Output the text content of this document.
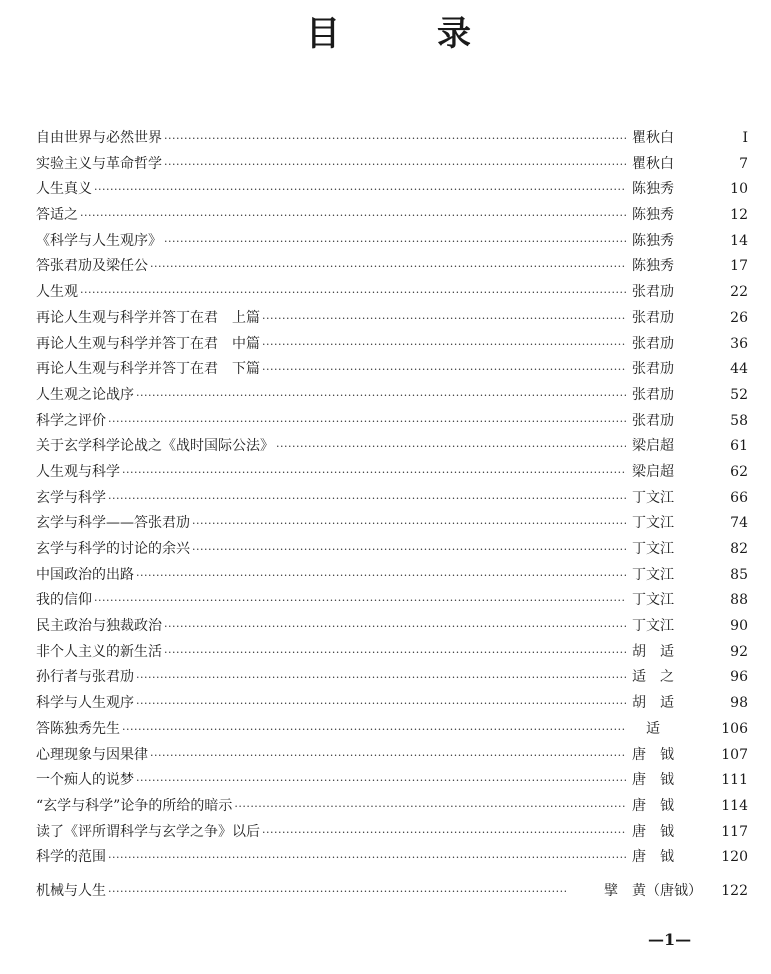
目	录
自由世界与必然世界 ·····	瞿秋白	I
实验主义与革命哲学 ·····	瞿秋白	7
人生真义 ·····	陈独秀	10
答适之 ·····	陈独秀	12
《科学与人生观序》 ·····	陈独秀	14
答张君劢及梁任公 ·····	陈独秀	17
人生观 ·····	张君劢	22
再论人生观与科学并答丁在君　上篇 ·····	张君劢	26
再论人生观与科学并答丁在君　中篇 ·····	张君劢	36
再论人生观与科学并答丁在君　下篇 ·····	张君劢	44
人生观之论战序 ·····	张君劢	52
科学之评价 ·····	张君劢	58
关于玄学科学论战之《战时国际公法》 ·····	梁启超	61
人生观与科学 ·····	梁启超	62
玄学与科学 ·····	丁文江	66
玄学与科学——答张君劢 ·····	丁文江	74
玄学与科学的讨论的余兴 ·····	丁文江	82
中国政治的出路 ·····	丁文江	85
我的信仰 ·····	丁文江	88
民主政治与独裁政治 ·····	丁文江	90
非个人主义的新生活 ·····	胡　适	92
孙行者与张君劢 ·····	适　之	96
科学与人生观序 ·····	胡　适	98
答陈独秀先生 ·····	　适	106
心理现象与因果律 ·····	唐　钺	107
一个痴人的说梦 ·····	唐　钺	111
“玄学与科学”论争的所给的暗示 ·····	唐　钺	114
读了《评所谓科学与玄学之争》以后 ·····	唐　钺	117
科学的范围 ·····	唐　钺	120
机械与人生 ·····	擘　黄（唐钺）	122
—1—
